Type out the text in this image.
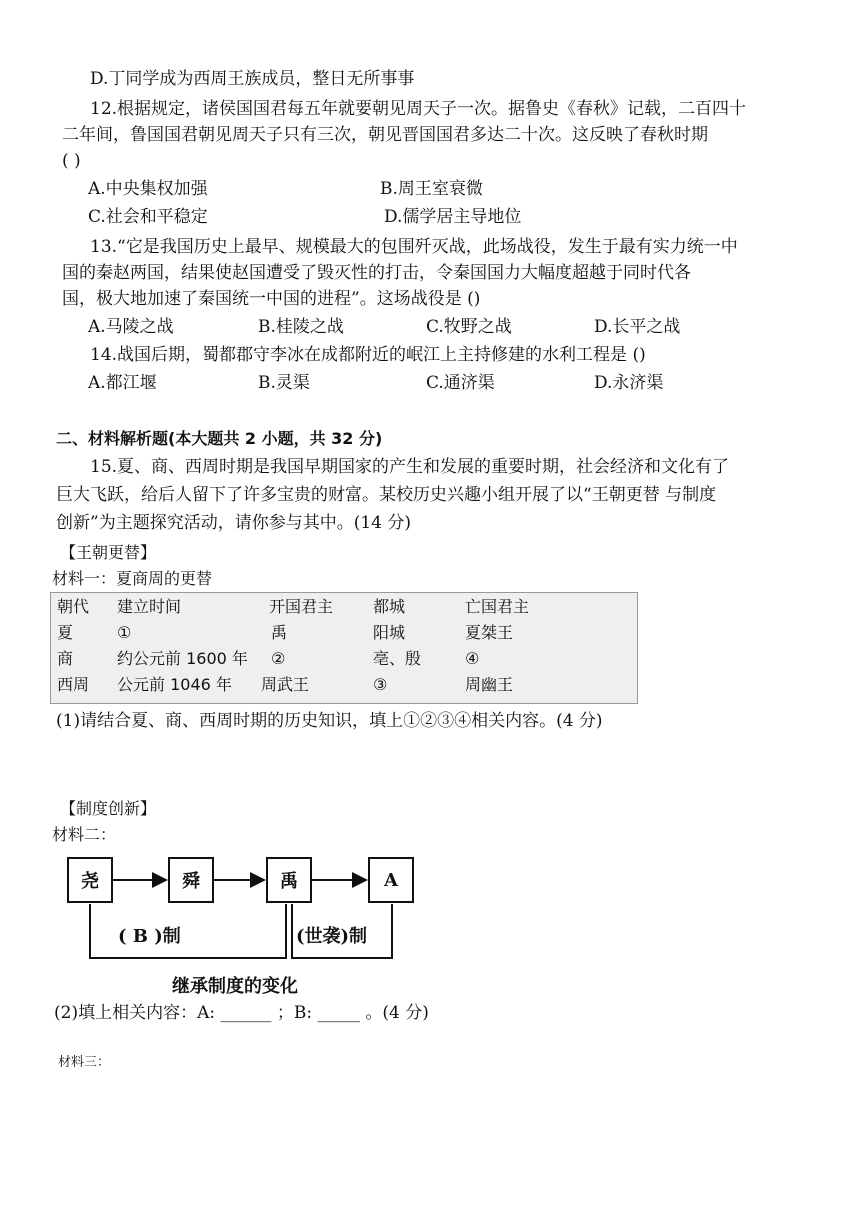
D.丁同学成为西周王族成员，整日无所事事
12.根据规定，诸侯国国君每五年就要朝见周天子一次。据鲁史《春秋》记载，二百四十
二年间，鲁国国君朝见周天子只有三次，朝见晋国国君多达二十次。这反映了春秋时期
( )
A.中央集权加强	B.周王室衰微
C.社会和平稳定	D.儒学居主导地位
13.“它是我国历史上最早、规模最大的包围歼灭战，此场战役，发生于最有实力统一中
国的秦赵两国，结果使赵国遭受了毁灭性的打击，令秦国国力大幅度超越于同时代各
国，极大地加速了秦国统一中国的进程”。这场战役是 ()
A.马陵之战	B.桂陵之战	C.牧野之战	D.长平之战
14.战国后期，蜀都郡守李冰在成都附近的岷江上主持修建的水利工程是 ()
A.都江堰	B.灵渠	C.通济渠	D.永济渠
二、材料解析题(本大题共 2 小题，共 32 分)
15.夏、商、西周时期是我国早期国家的产生和发展的重要时期，社会经济和文化有了
巨大飞跃，给后人留下了许多宝贵的财富。某校历史兴趣小组开展了以“王朝更替 与制度
创新”为主题探究活动，请你参与其中。(14 分)
【王朝更替】
材料一：夏商周的更替
朝代 建立时间	开国君主 都城	亡国君主
夏	①	禹	阳城	夏桀王
商	约公元前 1600 年 ②	亳、殷	④
西周 公元前 1046 年 周武王	③	周幽王
(1)请结合夏、商、西周时期的历史知识，填上①②③④相关内容。(4 分)
【制度创新】
材料二：
尧	舜	禹	A
( B )制	(世袭)制
继承制度的变化
(2)填上相关内容：A: ______ ；B: _____ 。(4 分)
材料三：
